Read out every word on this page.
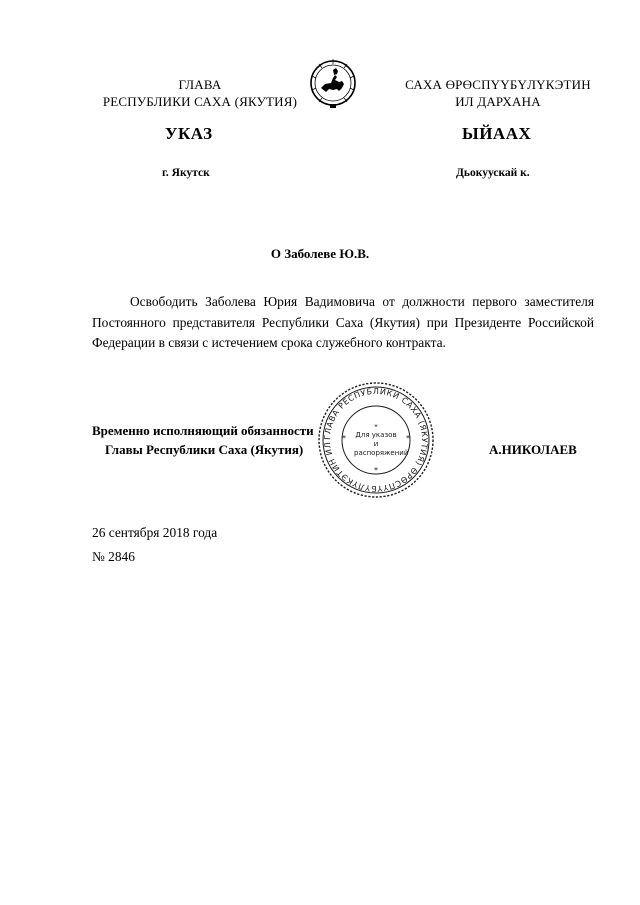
ГЛАВА
РЕСПУБЛИКИ САХА (ЯКУТИЯ)
САХА ӨРӨСПҮҮБҮЛҮКЭТИН
ИЛ ДАРХАНА
УКАЗ	ЫЙААХ
г. Якутск	Дьокуускай к.
О Заболеве Ю.В.
Освободить Заболева Юрия Вадимовича от должности первого заместителя Постоянного представителя Республики Саха (Якутия) при Президенте Российской Федерации в связи с истечением срока служебного контракта.
Временно исполняющий обязанности
Главы Республики Саха (Якутия)	А.НИКОЛАЕВ
ГЛАВА РЕСПУБЛИКИ САХА (ЯКУТИЯ) ӨРӨСПҮҮБҮЛҮКЭТИН ИЛ
*
*
*	*
Для указов и распоряжений
26 сентября 2018 года
№ 2846
